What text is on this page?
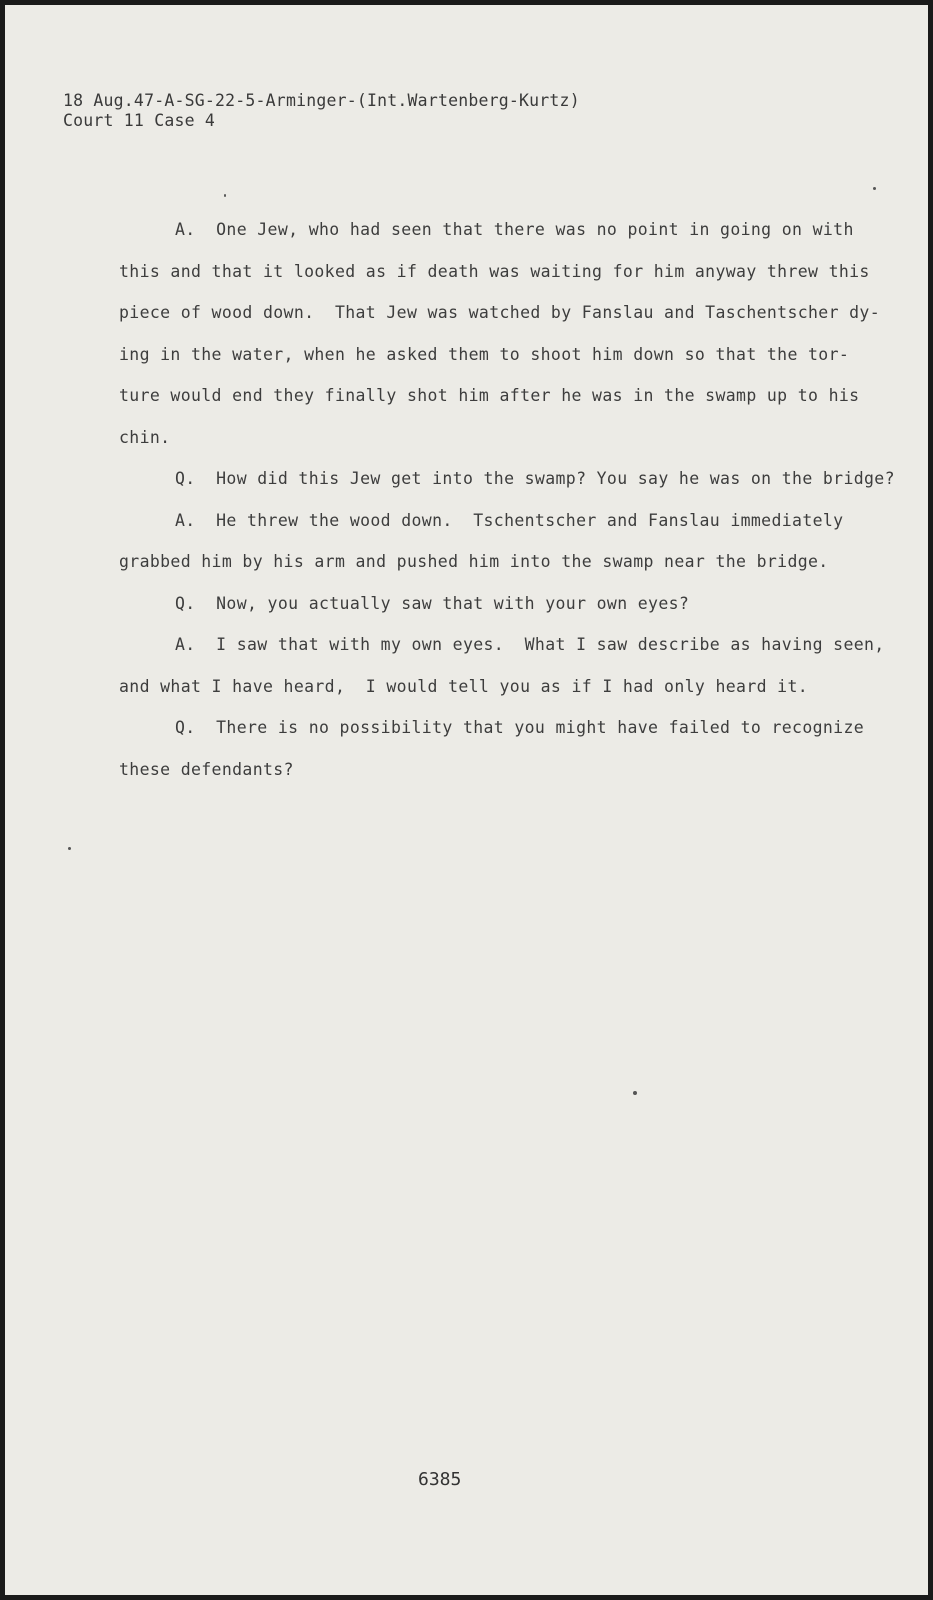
18 Aug.47-A-SG-22-5-Arminger-(Int.Wartenberg-Kurtz)
Court 11 Case 4

A.  One Jew, who had seen that there was no point in going on with
this and that it looked as if death was waiting for him anyway threw this
piece of wood down.  That Jew was watched by Fanslau and Taschentscher dy-
ing in the water, when he asked them to shoot him down so that the tor-
ture would end they finally shot him after he was in the swamp up to his
chin.

Q.  How did this Jew get into the swamp? You say he was on the bridge?

A.  He threw the wood down.  Tschentscher and Fanslau immediately
grabbed him by his arm and pushed him into the swamp near the bridge.

Q.  Now, you actually saw that with your own eyes?

A.  I saw that with my own eyes.  What I saw describe as having seen,
and what I have heard,  I would tell you as if I had only heard it.

Q.  There is no possibility that you might have failed to recognize
these defendants?

6385
